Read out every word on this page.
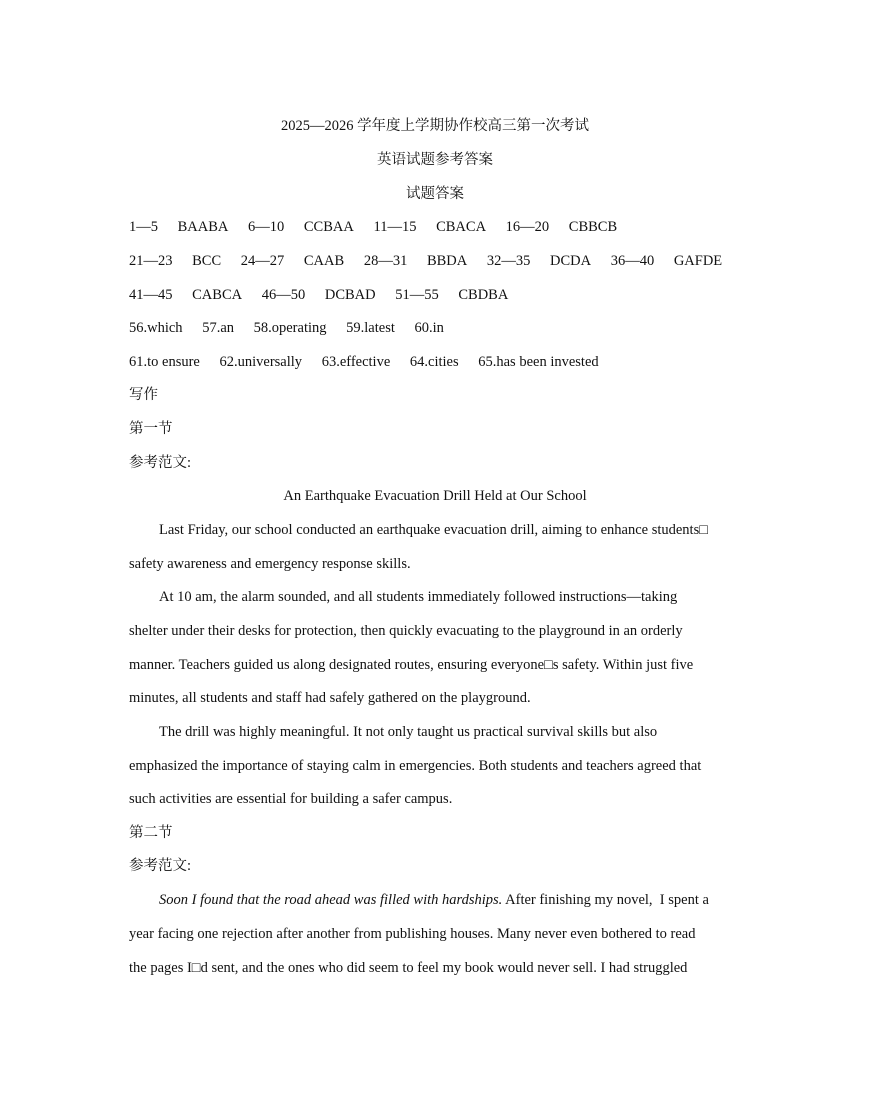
2025—2026 学年度上学期协作校高三第一次考试
英语试题参考答案
试题答案
1—5 BAABA 6—10 CCBAA 11—15 CBACA 16—20 CBBCB
21—23 BCC 24—27 CAAB 28—31 BBDA 32—35 DCDA 36—40 GAFDE
41—45 CABCA 46—50 DCBAD 51—55 CBDBA
56.which 57.an 58.operating 59.latest 60.in
61.to ensure 62.universally 63.effective 64.cities 65.has been invested
写作
第一节
参考范文:
An Earthquake Evacuation Drill Held at Our School
Last Friday, our school conducted an earthquake evacuation drill, aiming to enhance students□
safety awareness and emergency response skills.
At 10 am, the alarm sounded, and all students immediately followed instructions—taking
shelter under their desks for protection, then quickly evacuating to the playground in an orderly
manner. Teachers guided us along designated routes, ensuring everyone□s safety. Within just five
minutes, all students and staff had safely gathered on the playground.
The drill was highly meaningful. It not only taught us practical survival skills but also
emphasized the importance of staying calm in emergencies. Both students and teachers agreed that
such activities are essential for building a safer campus.
第二节
参考范文:
Soon I found that the road ahead was filled with hardships. After finishing my novel,  I spent a
year facing one rejection after another from publishing houses. Many never even bothered to read
the pages I□d sent, and the ones who did seem to feel my book would never sell. I had struggled
